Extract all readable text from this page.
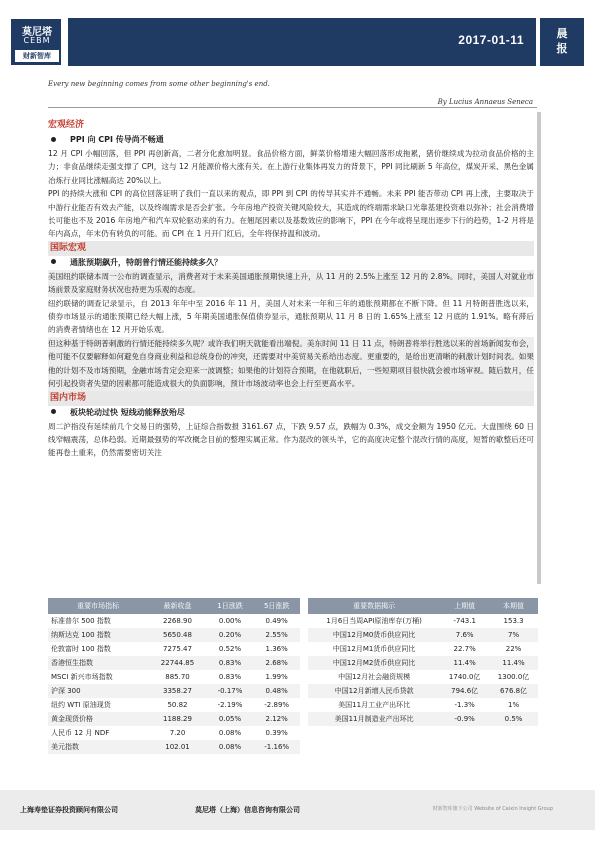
莫尼塔
CEBM
财新智库
2017-01-11	晨
报
Every new beginning comes from some other beginning's end.
By Lucius Annaeus Seneca
宏观经济
PPI 向 CPI 传导尚不畅通

12 月 CPI 小幅回落，但 PPI 再创新高，二者分化愈加明显。食品价格方面，鲜菜价格增速大幅回落形成拖累，猪价继续成为拉动食品价格的主力；非食品继续走强支撑了 CPI，这与 12 月能源价格大涨有关。在上游行业集体再发力的背景下，PPI 同比刷新 5 年高位，煤炭开采、黑色金属冶炼行业同比涨幅高达 20%以上。

PPI 的持续大涨和 CPI 的高位回落证明了我们一直以来的观点，即 PPI 到 CPI 的传导其实并不通畅。未来 PPI 能否带动 CPI 再上涨，主要取决于中游行业能否有效去产能，以及终端需求是否会扩张。今年房地产投资关键风险较大，其造成的终端需求缺口光靠基建投资难以弥补；社会消费增长可能也不及 2016 年房地产和汽车双轮驱动来的有力。在翘尾因素以及基数效应的影响下，PPI 在今年或将呈现出逐步下行的趋势，1-2 月将是年内高点，年末仍有转负的可能。而 CPI 在 1 月开门红后，全年将保持温和波动。

国际宏观
通胀预期飙升，特朗普行情还能持续多久？

美国纽约联储本周一公布的调查显示，消费者对于未来美国通胀预期快速上升，从 11 月的 2.5%上涨至 12 月的 2.8%。同时，美国人对就业市场前景及家庭财务状况也持更为乐观的态度。

纽约联储的调查记录显示，自 2013 年年中至 2016 年 11 月，美国人对未来一年和三年的通胀预期都在不断下降。但 11 月特朗普胜选以来，债券市场显示的通胀预期已经大幅上涨，5 年期美国通胀保值债券显示，通胀预期从 11 月 8 日的 1.65%上涨至 12 月底的 1.91%。略有滞后的消费者情绪也在 12 月开始乐观。

但这种基于特朗普刺激的行情还能持续多久呢？或许我们明天就能看出端倪。美东时间 11 日 11 点，特朗普将举行胜选以来的首场新闻发布会，他可能不仅要解释如何避免自身商业利益和总统身份的冲突，还需要对中美贸易关系给出态度。更重要的，是给出更清晰的刺激计划时间表。如果他的计划不及市场预期，金融市场肯定会迎来一波调整；如果他的计划符合预期，在他就职后，一些短期项目很快就会被市场审视。随后数月，任何引起投资者失望的因素都可能造成很大的负面影响，预计市场波动率也会上行至更高水平。

国内市场
板块轮动过快 短线动能释放殆尽

周二沪指没有延续前几个交易日的强势，上证综合指数报 3161.67 点，下跌 9.57 点，跌幅为 0.3%，成交金额为 1950 亿元。大盘围绕 60 日线窄幅震荡，总体趋弱。近期最强势的军改概念目前的整理实属正常。作为混改的领头羊，它的高度决定整个混改行情的高度，短暂的歇整后还可能再卷土重来，仍然需要密切关注

重要市场指标	最新收盘	1日涨跌	5日涨跌
标准普尔 500 指数	2268.90	0.00%	0.49%
纳斯达克 100 指数	5650.48	0.20%	2.55%
伦敦富时 100 指数	7275.47	0.52%	1.36%
香港恒生指数	22744.85	0.83%	2.68%
MSCI 新兴市场指数	885.70	0.83%	1.99%
沪深 300	3358.27	-0.17%	0.48%
纽约 WTI 原油现货	50.82	-2.19%	-2.89%
黄金现货价格	1188.29	0.05%	2.12%
人民币 12 月 NDF	7.20	0.08%	0.39%
美元指数	102.01	0.08%	-1.16%
重要数据揭示	上期值	本期值
1月6日当周API原油库存(万桶)	-743.1	153.3
中国12月M0货币供应同比	7.6%	7%
中国12月M1货币供应同比	22.7%	22%
中国12月M2货币供应同比	11.4%	11.4%
中国12月社会融资规模	1740.0亿	1300.0亿
中国12月新增人民币贷款	794.6亿	676.8亿
美国11月工业产出环比	-1.3%	1%
美国11月制造业产出环比	-0.9%	0.5%
上海寿垫证券投资顾问有限公司	莫尼塔（上海）信息咨询有限公司	财新智库旗下公司 Website of Caixin Insight Group
